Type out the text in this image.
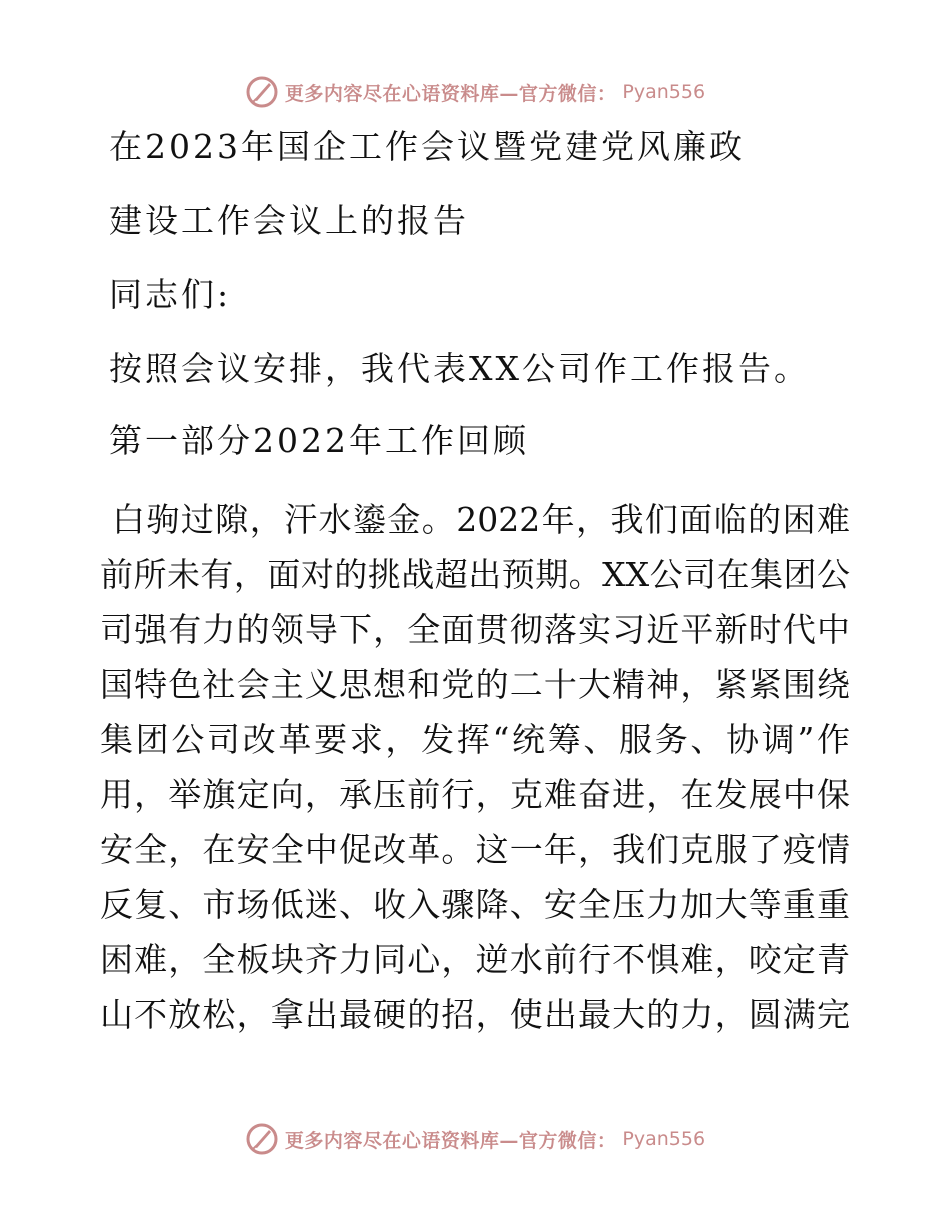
更多内容尽在心语资料库—官方微信： Pyan556
在2023年国企工作会议暨党建党风廉政
建设工作会议上的报告
同志们:
按照会议安排，我代表XX公司作工作报告。
第一部分2022年工作回顾
白驹过隙，汗水鎏金。2022年，我们面临的困难
前所未有，面对的挑战超出预期。XX公司在集团公
司强有力的领导下，全面贯彻落实习近平新时代中
国特色社会主义思想和党的二十大精神，紧紧围绕
集团公司改革要求，发挥“统筹、服务、协调”作
用，举旗定向，承压前行，克难奋进，在发展中保
安全，在安全中促改革。这一年，我们克服了疫情
反复、市场低迷、收入骤降、安全压力加大等重重
困难，全板块齐力同心，逆水前行不惧难，咬定青
山不放松，拿出最硬的招，使出最大的力，圆满完
更多内容尽在心语资料库—官方微信： Pyan556
